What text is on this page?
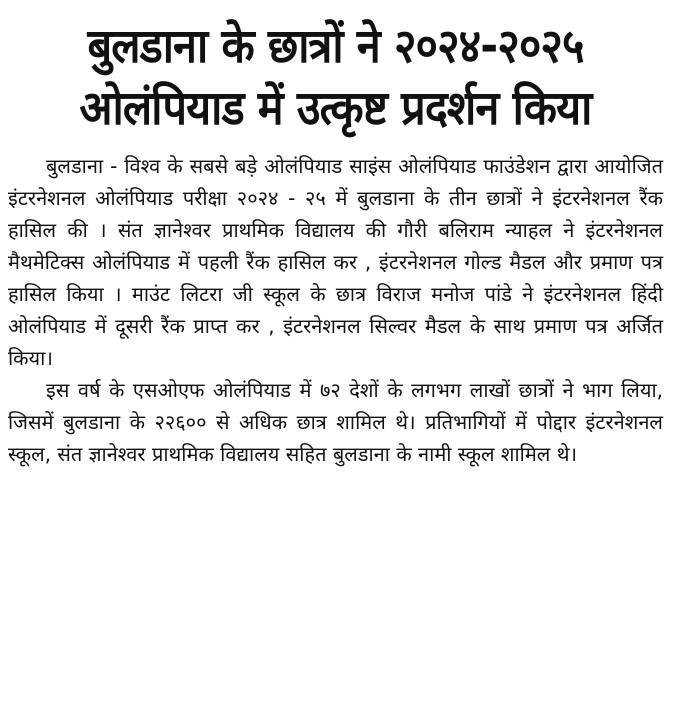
बुलडाना के छात्रों ने २०२४-२०२५
ओलंपियाड में उत्कृष्ट प्रदर्शन किया

बुलडाना - विश्व के सबसे बड़े ओलंपियाड साइंस ओलंपियाड फाउंडेशन द्वारा आयोजित इंटरनेशनल ओलंपियाड परीक्षा २०२४ - २५ में बुलडाना के तीन छात्रों ने इंटरनेशनल रैंक हासिल की । संत ज्ञानेश्वर प्राथमिक विद्यालय की गौरी बलिराम न्याहल ने इंटरनेशनल मैथमेटिक्स ओलंपियाड में पहली रैंक हासिल कर , इंटरनेशनल गोल्ड मैडल और प्रमाण पत्र हासिल किया । माउंट लिटरा जी स्कूल के छात्र विराज मनोज पांडे ने इंटरनेशनल हिंदी ओलंपियाड में दूसरी रैंक प्राप्त कर , इंटरनेशनल सिल्वर मैडल के साथ प्रमाण पत्र अर्जित किया।

इस वर्ष के एसओएफ ओलंपियाड में ७२ देशों के लगभग लाखों छात्रों ने भाग लिया, जिसमें बुलडाना के २२६०० से अधिक छात्र शामिल थे। प्रतिभागियों में पोद्दार इंटरनेशनल स्कूल, संत ज्ञानेश्वर प्राथमिक विद्यालय सहित बुलडाना के नामी स्कूल शामिल थे।
